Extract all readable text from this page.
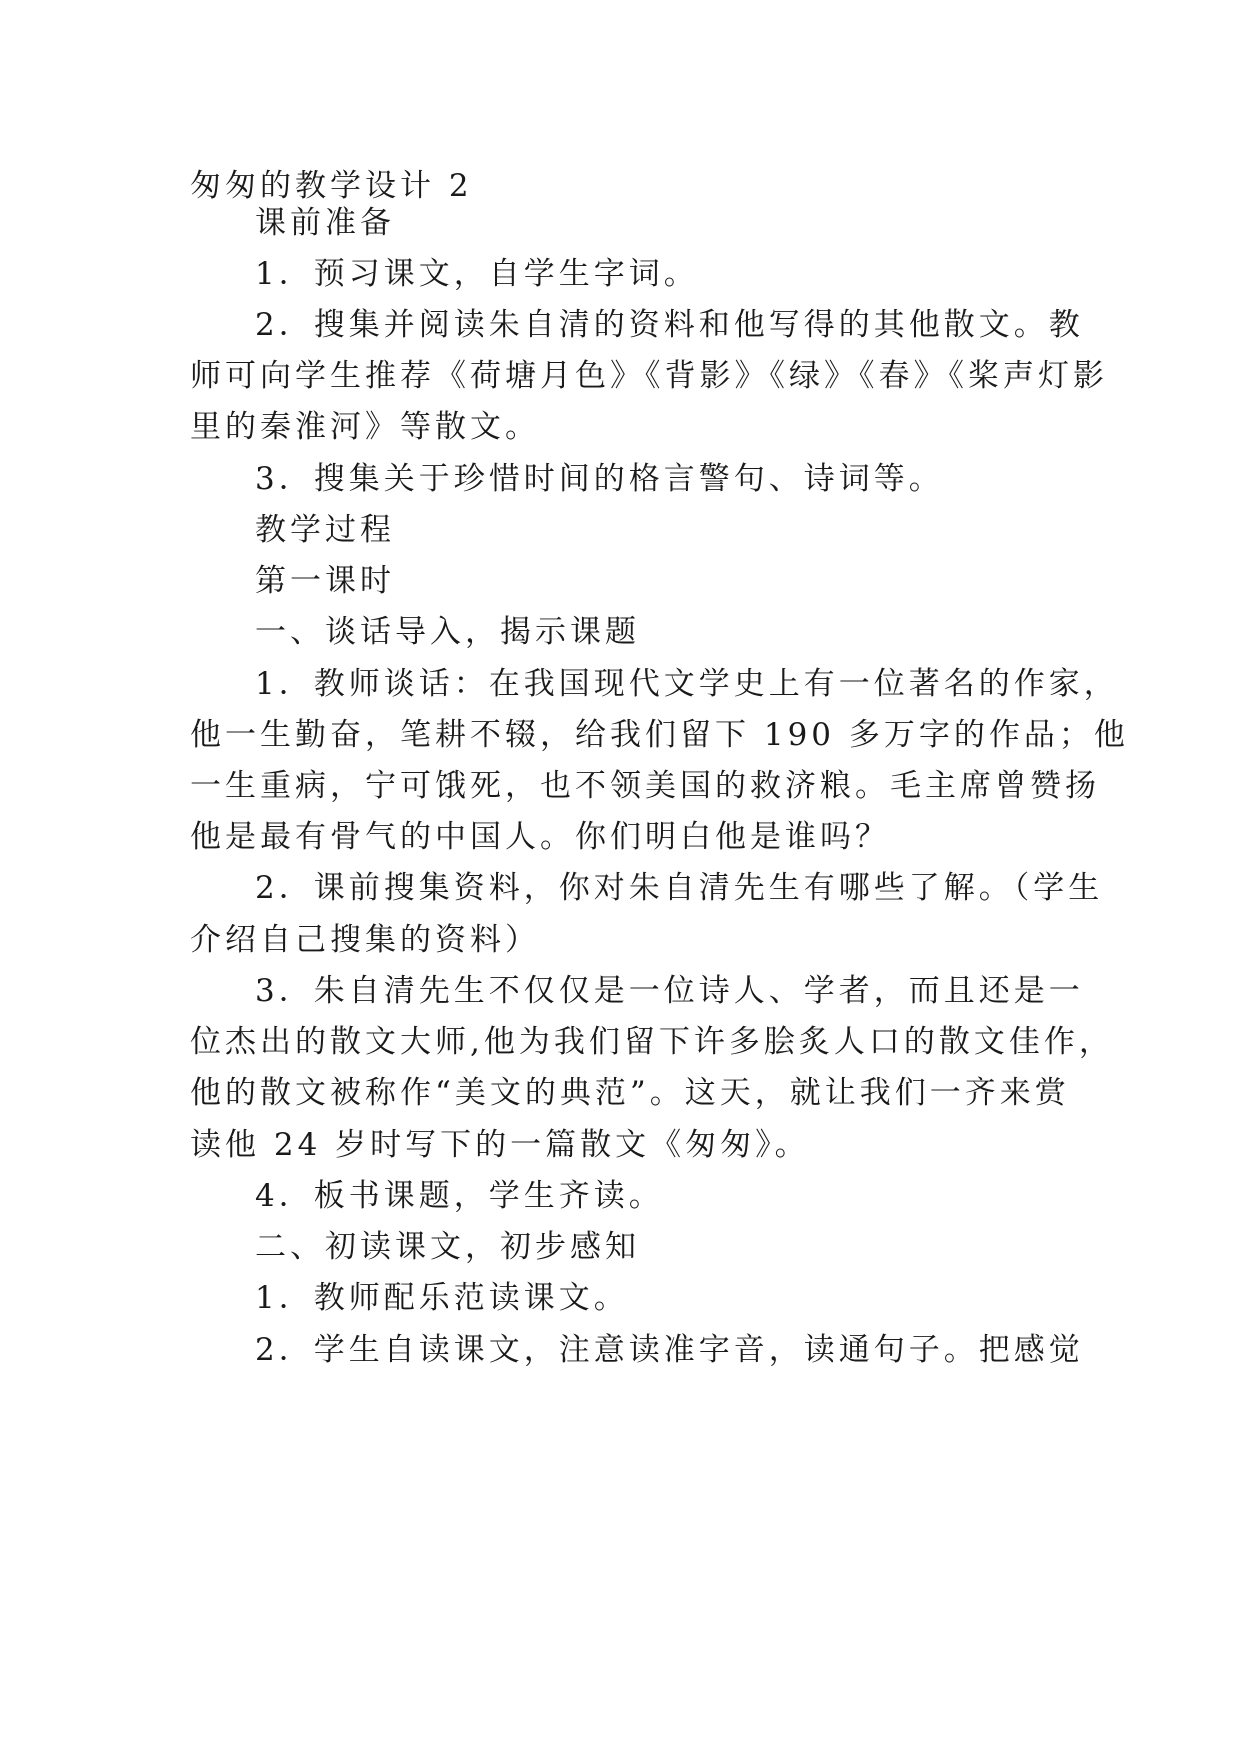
匆匆的教学设计 2
课前准备
1．预习课文，自学生字词。
2．搜集并阅读朱自清的资料和他写得的其他散文。教
师可向学生推荐《荷塘月色》《背影》《绿》《春》《桨声灯影
里的秦淮河》等散文。
3．搜集关于珍惜时间的格言警句、诗词等。
教学过程
第一课时
一、谈话导入，揭示课题
1．教师谈话：在我国现代文学史上有一位著名的作家，
他一生勤奋，笔耕不辍，给我们留下 190 多万字的作品；他
一生重病，宁可饿死，也不领美国的救济粮。毛主席曾赞扬
他是最有骨气的中国人。你们明白他是谁吗？
2．课前搜集资料，你对朱自清先生有哪些了解。（学生
介绍自己搜集的资料）
3．朱自清先生不仅仅是一位诗人、学者，而且还是一
位杰出的散文大师,他为我们留下许多脍炙人口的散文佳作，
他的散文被称作“美文的典范”。这天，就让我们一齐来赏
读他 24 岁时写下的一篇散文《匆匆》。
4．板书课题，学生齐读。
二、初读课文，初步感知
1．教师配乐范读课文。
2．学生自读课文，注意读准字音，读通句子。把感觉
